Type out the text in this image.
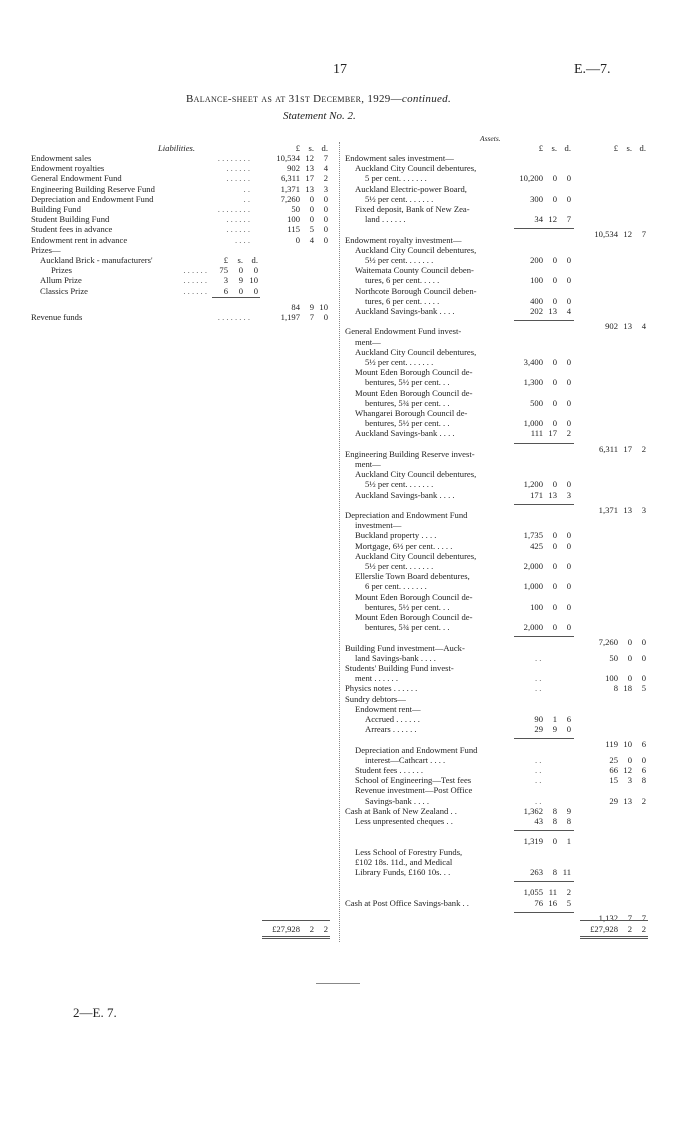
17	E.—7.
Balance-sheet as at 31st December, 1929—continued.
Statement No. 2.
Liabilities.	£ s. d.
Endowment sales	. . . . . . . .	10,534 12	7
Endowment royalties	. . . . . .	902 13	4
General Endowment Fund	. . . . . .	6,311 17	2
Engineering Building Reserve Fund	. .	1,371 13	3
Depreciation and Endowment Fund	. .	7,260	0	0
Building Fund	. . . . . . . .	50	0	0
Student Building Fund	. . . . . .	100	0	0
Student fees in advance	. . . . . .	115	5	0
Endowment rent in advance	. . . .	0	4	0
Prizes—
£	s. d.
Auckland Brick - manufacturers'
Prizes	. . . . . .	75	0	0
Allum Prize	. . . . . .	3	9 10
Classics Prize	. . . . . .	6	0	0
84	9 10
Revenue funds	. . . . . . . .	1,197	7	0
£27,928	2	2
Assets.
£ s. d.	£ s. d.
Endowment sales investment—
Auckland City Council debentures,
5 per cent. . . . . . .	10,200	0	0
Auckland Electric-power Board,
5½ per cent. . . . . . .	300	0	0
Fixed deposit, Bank of New Zea-
land . . . . . .	34 12	7
10,534 12	7
Endowment royalty investment—
Auckland City Council debentures,
5½ per cent. . . . . . .	200	0	0
Waitemata County Council deben-
tures, 6 per cent. . . . .	100	0	0
Northcote Borough Council deben-
tures, 6 per cent. . . . .	400	0	0
Auckland Savings-bank . . . .	202 13	4
902 13	4
General Endowment Fund invest-
ment—
Auckland City Council debentures,
5½ per cent. . . . . . .	3,400	0	0
Mount Eden Borough Council de-
bentures, 5½ per cent. . .	1,300	0	0
Mount Eden Borough Council de-
bentures, 5¾ per cent. . .	500	0	0
Whangarei Borough Council de-
bentures, 5½ per cent. . .	1,000	0	0
Auckland Savings-bank . . . .	111 17	2
6,311 17	2
Engineering Building Reserve invest-
ment—
Auckland City Council debentures,
5½ per cent. . . . . . .	1,200	0	0
Auckland Savings-bank . . . .	171 13	3
1,371 13	3
Depreciation and Endowment Fund
investment—
Buckland property . . . .	1,735	0	0
Mortgage, 6½ per cent. . . . .	425	0	0
Auckland City Council debentures,
5½ per cent. . . . . . .	2,000	0	0
Ellerslie Town Board debentures,
6 per cent. . . . . . .	1,000	0	0
Mount Eden Borough Council de-
bentures, 5½ per cent. . .	100	0	0
Mount Eden Borough Council de-
bentures, 5¾ per cent. . .	2,000	0	0
7,260	0	0
Building Fund investment—Auck-
land Savings-bank . . . .	. .	50	0	0
Students' Building Fund invest-
ment . . . . . .	. .	100	0	0
Physics notes . . . . . .	. .	8 18	5
Sundry debtors—
Endowment rent—
Accrued . . . . . .	90	1	6
Arrears . . . . . .	29	9	0
119 10	6
Depreciation and Endowment Fund
interest—Cathcart . . . .	. .	25	0	0
Student fees . . . . . .	. .	66 12	6
School of Engineering—Test fees	. .	15	3	8
Revenue investment—Post Office
Savings-bank . . . .	. .	29 13	2
Cash at Bank of New Zealand . .	1,362	8	9
Less unpresented cheques . .	43	8	8
1,319	0	1
Less School of Forestry Funds,
£102 18s. 11d., and Medical
Library Funds, £160 10s. . .	263	8 11
1,055 11	2
Cash at Post Office Savings-bank . .	76 16	5
1,132	7	7
£27,928	2	2
2—E. 7.
